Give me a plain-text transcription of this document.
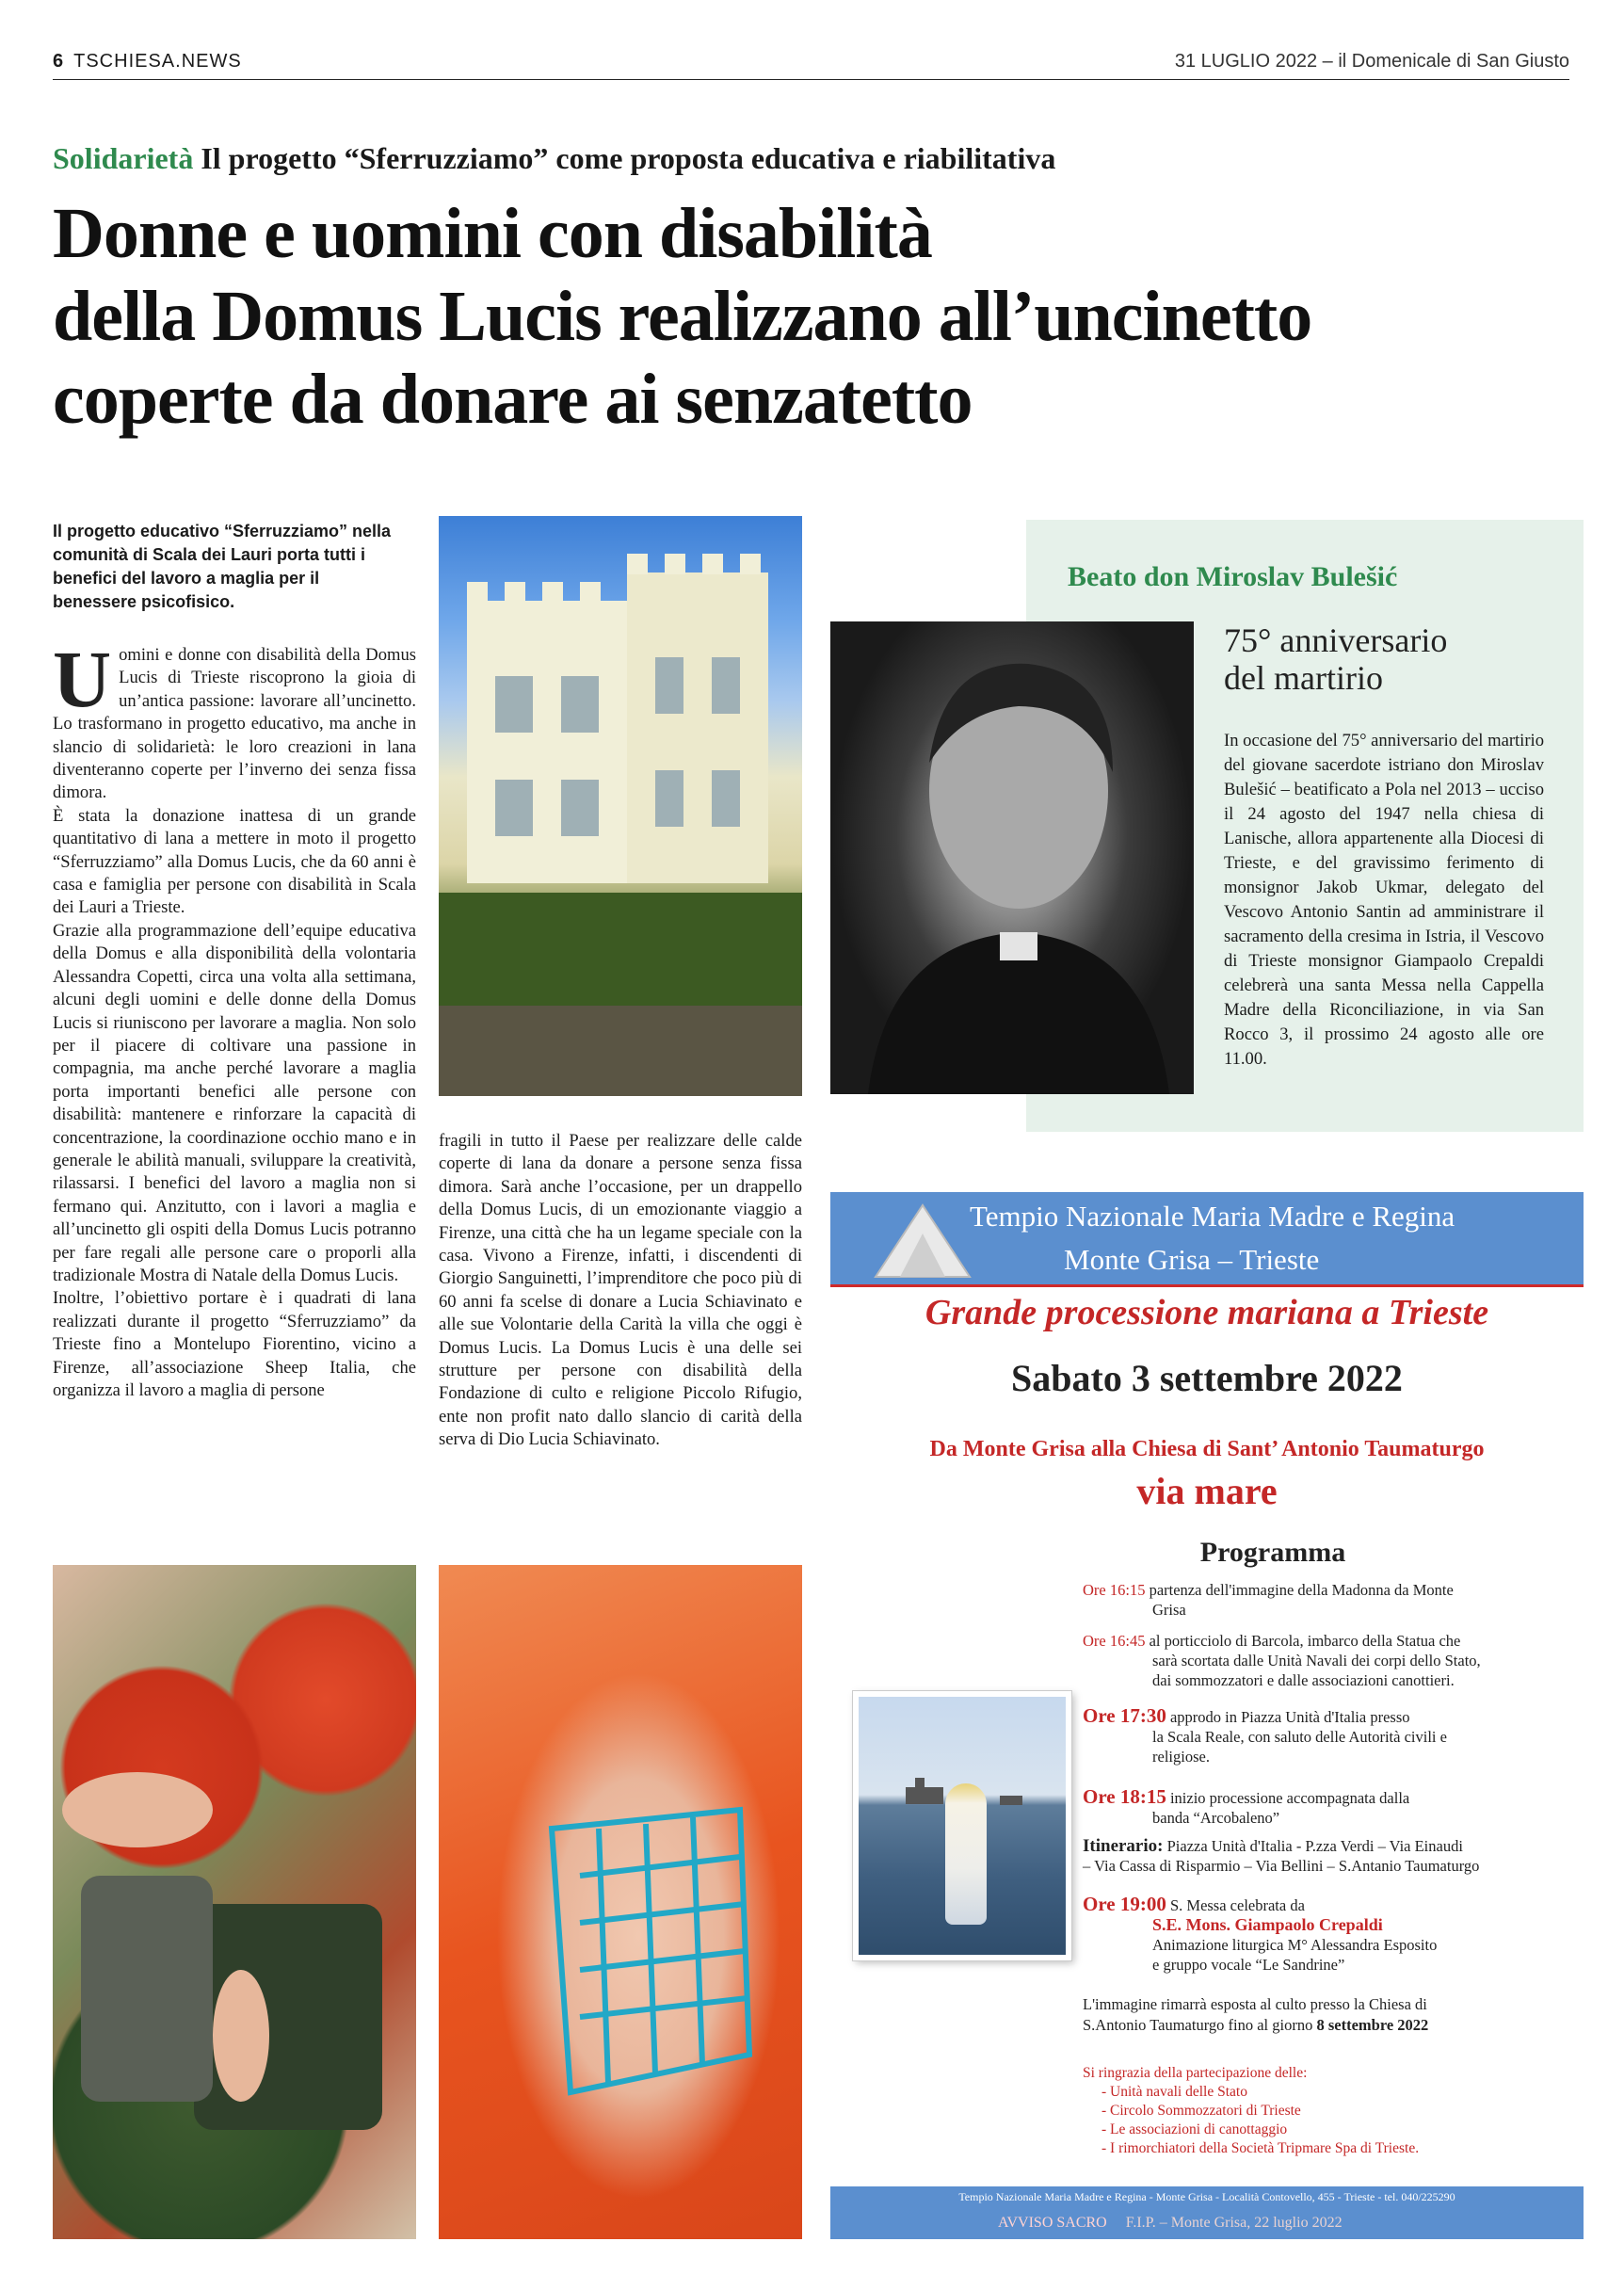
6 TSCHIESA.NEWS	31 LUGLIO 2022 – il Domenicale di San Giusto
Solidarietà Il progetto “Sferruzziamo” come proposta educativa e riabilitativa
Donne e uomini con disabilità
della Domus Lucis realizzano all’uncinetto
coperte da donare ai senzatetto
Il progetto educativo “Sferruzziamo” nella comunità di Scala dei Lauri porta tutti i benefici del lavoro a maglia per il benessere psicofisico.

Uomini e donne con disabilità della Domus Lucis di Trieste riscoprono la gioia di un’antica passione: lavorare all’uncinetto. Lo trasformano in progetto educativo, ma anche in slancio di solidarietà: le loro creazioni in lana diventeranno coperte per l’inverno dei senza fissa dimora.

È stata la donazione inattesa di un grande quantitativo di lana a mettere in moto il progetto “Sferruzziamo” alla Domus Lucis, che da 60 anni è casa e famiglia per persone con disabilità in Scala dei Lauri a Trieste.

Grazie alla programmazione dell’equipe educativa della Domus e alla disponibilità della volontaria Alessandra Copetti, circa una volta alla settimana, alcuni degli uomini e delle donne della Domus Lucis si riuniscono per lavorare a maglia. Non solo per il piacere di coltivare una passione in compagnia, ma anche perché lavorare a maglia porta importanti benefici alle persone con disabilità: mantenere e rinforzare la capacità di concentrazione, la coordinazione occhio mano e in generale le abilità manuali, sviluppare la creatività, rilassarsi. I benefici del lavoro a maglia non si fermano qui. Anzitutto, con i lavori a maglia e all’uncinetto gli ospiti della Domus Lucis potranno per fare regali alle persone care o proporli alla tradizionale Mostra di Natale della Domus Lucis.

Inoltre, l’obiettivo portare è i quadrati di lana realizzati durante il progetto “Sferruzziamo” da Trieste fino a Montelupo Fiorentino, vicino a Firenze, all’associazione Sheep Italia, che organizza il lavoro a maglia di persone

fragili in tutto il Paese per realizzare delle calde coperte di lana da donare a persone senza fissa dimora. Sarà anche l’occasione, per un drappello della Domus Lucis, di un emozionante viaggio a Firenze, una città che ha un legame speciale con la casa. Vivono a Firenze, infatti, i discendenti di Giorgio Sanguinetti, l’imprenditore che poco più di 60 anni fa scelse di donare a Lucia Schiavinato e alle sue Volontarie della Carità la villa che oggi è Domus Lucis. La Domus Lucis è una delle sei strutture per persone con disabilità della Fondazione di culto e religione Piccolo Rifugio, ente non profit nato dallo slancio di carità della serva di Dio Lucia Schiavinato.

Beato don Miroslav Bulešić
75° anniversario
del martirio
In occasione del 75° anniversario del martirio del giovane sacerdote istriano don Miroslav Bulešić – beatificato a Pola nel 2013 – ucciso il 24 agosto del 1947 nella chiesa di Lanische, allora appartenente alla Diocesi di Trieste, e del gravissimo ferimento di monsignor Jakob Ukmar, delegato del Vescovo Antonio Santin ad amministrare il sacramento della cresima in Istria, il Vescovo di Trieste monsignor Giampaolo Crepaldi celebrerà una santa Messa nella Cappella Madre della Riconciliazione, in via San Rocco 3, il prossimo 24 agosto alle ore 11.00.
Tempio Nazionale Maria Madre e Regina
Monte Grisa – Trieste
Grande processione mariana a Trieste
Sabato 3 settembre 2022
Da Monte Grisa alla Chiesa di Sant’ Antonio Taumaturgo
via mare
Programma
Ore 16:15 partenza dell'immagine della Madonna da Monte
Grisa
Ore 16:45 al porticciolo di Barcola, imbarco della Statua che
sarà scortata dalle Unità Navali dei corpi dello Stato,
dai sommozzatori e dalle associazioni canottieri.
Ore 17:30 approdo in Piazza Unità d'Italia presso
la Scala Reale, con saluto delle Autorità civili e
religiose.
Ore 18:15 inizio processione accompagnata dalla
banda “Arcobaleno”
Itinerario: Piazza Unità d'Italia - P.zza Verdi – Via Einaudi
– Via Cassa di Risparmio – Via Bellini – S.Antanio Taumaturgo
Ore 19:00 S. Messa celebrata da
S.E. Mons. Giampaolo Crepaldi
Animazione liturgica M° Alessandra Esposito
e gruppo vocale “Le Sandrine”
L'immagine rimarrà esposta al culto presso la Chiesa di
S.Antonio Taumaturgo fino al giorno 8 settembre 2022
Si ringrazia della partecipazione delle:
- Unità navali delle Stato
- Circolo Sommozzatori di Trieste
- Le associazioni di canottaggio
- I rimorchiatori della Società Tripmare Spa di Trieste.
Tempio Nazionale Maria Madre e Regina - Monte Grisa - Località Contovello, 455 - Trieste - tel. 040/225290
AVVISO SACRO F.I.P. – Monte Grisa, 22 luglio 2022
